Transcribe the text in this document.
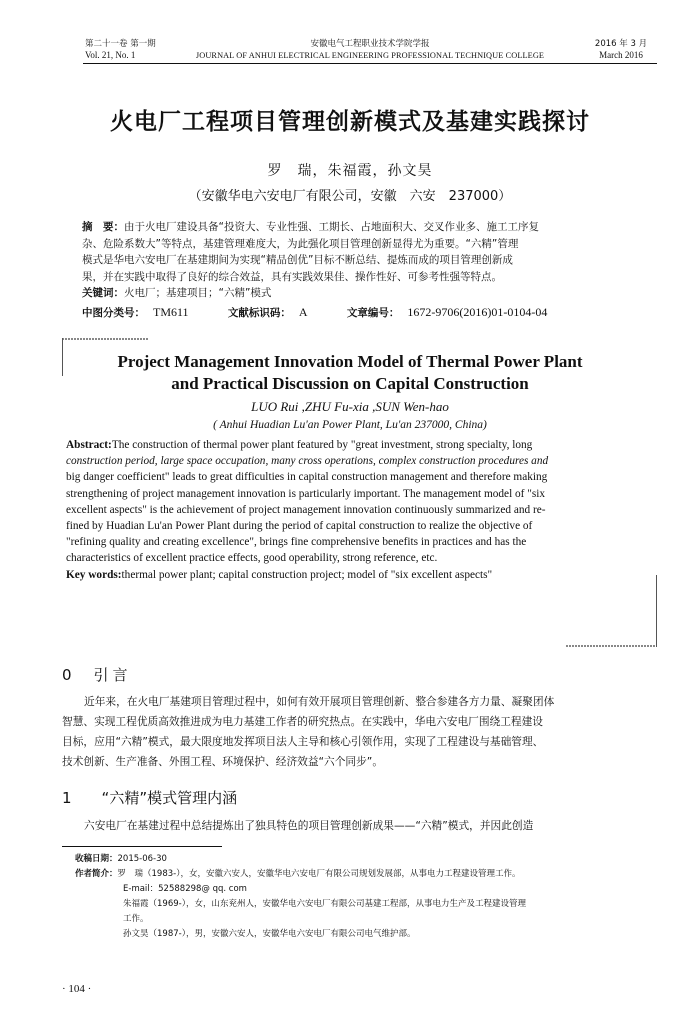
第二十一卷 第一期
Vol. 21, No. 1
安徽电气工程职业技术学院学报
JOURNAL OF ANHUI ELECTRICAL ENGINEERING PROFESSIONAL TECHNIQUE COLLEGE
2016 年 3 月
March 2016
火电厂工程项目管理创新模式及基建实践探讨
罗　瑞，朱福霞，孙文昊
（安徽华电六安电厂有限公司，安徽　六安　237000）
摘　要：由于火电厂建设具备“投资大、专业性强、工期长、占地面积大、交叉作业多、施工工序复
杂、危险系数大”等特点，基建管理难度大，为此强化项目管理创新显得尤为重要。“六精”管理
模式是华电六安电厂在基建期间为实现“精品创优”目标不断总结、提炼而成的项目管理创新成
果，并在实践中取得了良好的综合效益，具有实践效果佳、操作性好、可参考性强等特点。
关键词：火电厂；基建项目；“六精”模式
中图分类号： TM611	文献标识码： A	文章编号： 1672-9706(2016)01-0104-04
Project Management Innovation Model of Thermal Power Plant
and Practical Discussion on Capital Construction
LUO Rui ,ZHU Fu-xia ,SUN Wen-hao
( Anhui Huadian Lu'an Power Plant, Lu'an 237000, China)
Abstract:The construction of thermal power plant featured by "great investment, strong specialty, long
construction period, large space occupation, many cross operations, complex construction procedures and
big danger coefficient" leads to great difficulties in capital construction management and therefore making
strengthening of project management innovation is particularly important. The management model of "six
excellent aspects" is the achievement of project management innovation continuously summarized and re-
fined by Huadian Lu'an Power Plant during the period of capital construction to realize the objective of
"refining quality and creating excellence", brings fine comprehensive benefits in practices and has the
characteristics of excellent practice effects, good operability, strong reference, etc.
Key words:thermal power plant; capital construction project; model of "six excellent aspects"
0 引言
近年来，在火电厂基建项目管理过程中，如何有效开展项目管理创新、整合参建各方力量、凝聚团体
智慧、实现工程优质高效推进成为电力基建工作者的研究热点。在实践中，华电六安电厂围绕工程建设
目标，应用“六精”模式，最大限度地发挥项目法人主导和核心引领作用，实现了工程建设与基础管理、
技术创新、生产准备、外围工程、环境保护、经济效益“六个同步”。
1 “六精”模式管理内涵
六安电厂在基建过程中总结提炼出了独具特色的项目管理创新成果——“六精”模式，并因此创造
收稿日期：2015-06-30
作者简介：罗　瑞（1983-），女，安徽六安人，安徽华电六安电厂有限公司规划发展部，从事电力工程建设管理工作。
E-mail：52588298@ qq. com
朱福霞（1969-），女，山东兖州人，安徽华电六安电厂有限公司基建工程部，从事电力生产及工程建设管理
工作。
孙文昊（1987-），男，安徽六安人，安徽华电六安电厂有限公司电气维护部。
· 104 ·
